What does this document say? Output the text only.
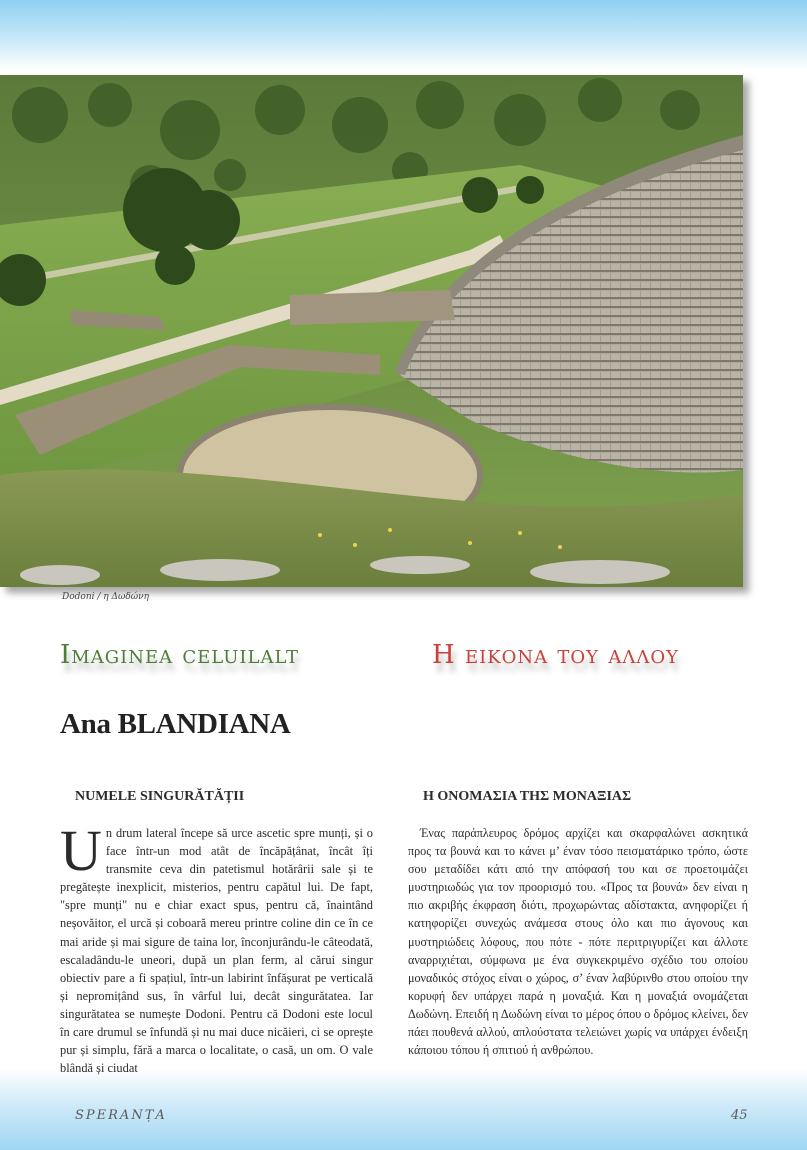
Dodoni / η Δωδώνη
Imaginea celuilalt	Η εικονα του αλλου
Ana BLANDIANA
NUMELE SINGURĂTĂȚII	Η ΟΝΟΜΑΣΙΑ ΤΗΣ ΜΟΝΑΞΙΑΣ
Un drum lateral începe să urce ascetic spre munți, și o face într-un mod atât de încăpățânat, încât îți transmite ceva din patetismul hotărârii sale și te pregătește inexplicit, misterios, pentru capătul lui. De fapt, "spre munți" nu e chiar exact spus, pentru că, înaintând neșovăitor, el urcă și coboară mereu printre coline din ce în ce mai aride și mai sigure de taina lor, înconjurându-le câteodată, escaladându-le uneori, după un plan ferm, al cărui singur obiectiv pare a fi spațiul, într-un labirint înfășurat pe verticală și nepromițând sus, în vârful lui, decât singurătatea. Iar singurătatea se numește Dodoni. Pentru că Dodoni este locul în care drumul se înfundă și nu mai duce nicăieri, ci se oprește pur și simplu, fără a marca o localitate, o casă, un om. O vale blândă și ciudat
Ένας παράπλευρος δρόμος αρχίζει και σκαρφαλώνει ασκητικά προς τα βουνά και το κάνει μ’ έναν τόσο πεισματάρικο τρόπο, ώστε σου μεταδίδει κάτι από την απόφασή του και σε προετοιμάζει μυστηριωδώς για τον προορισμό του. «Προς τα βουνά» δεν είναι η πιο ακριβής έκφραση διότι, προχωρώντας αδίστακτα, ανηφορίζει ή κατηφορίζει συνεχώς ανάμεσα στους όλο και πιο άγονους και μυστηριώδεις λόφους, που πότε - πότε περιτριγυρίζει και άλλοτε αναρριχιέται, σύμφωνα με ένα συγκεκριμένο σχέδιο του οποίου μοναδικός στόχος είναι ο χώρος, σ’ έναν λαβύρινθο στου οποίου την κορυφή δεν υπάρχει παρά η μοναξιά. Και η μοναξιά ονομάζεται Δωδώνη. Επειδή η Δωδώνη είναι το μέρος όπου ο δρόμος κλείνει, δεν πάει πουθενά αλλού, απλούστατα τελειώνει χωρίς να υπάρχει ένδειξη κάποιου τόπου ή σπιτιού ή ανθρώπου.
SPERANȚA	45
